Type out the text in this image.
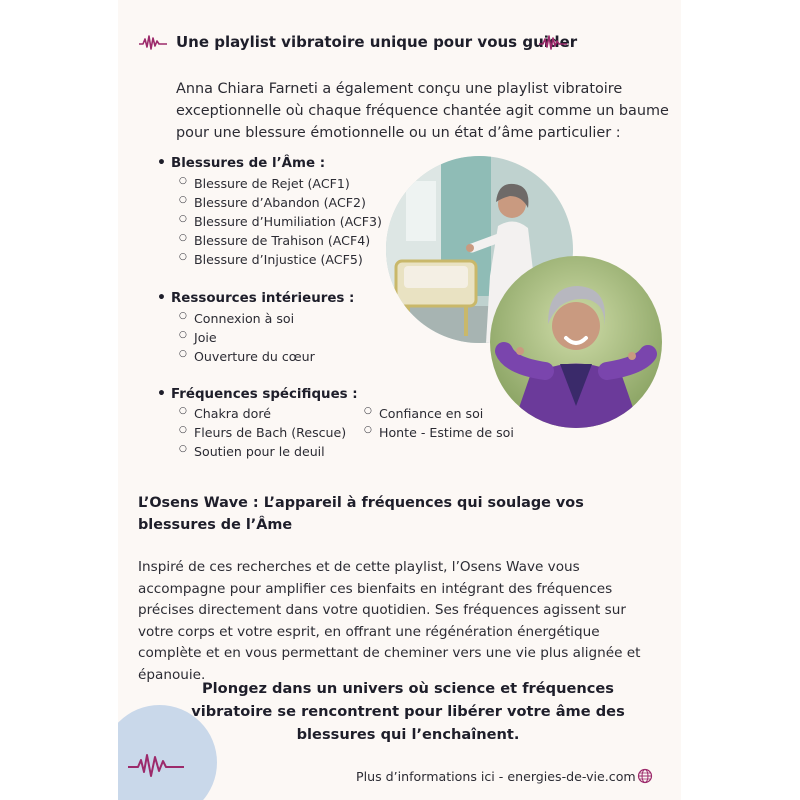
Une playlist vibratoire unique pour vous guider
Anna Chiara Farneti a également conçu une playlist vibratoire exceptionnelle où chaque fréquence chantée agit comme un baume pour une blessure émotionnelle ou un état d’âme particulier :
• Blessures de l’Âme :
○ Blessure de Rejet (ACF1)
○ Blessure d’Abandon (ACF2)
○ Blessure d’Humiliation (ACF3)
○ Blessure de Trahison (ACF4)
○ Blessure d’Injustice (ACF5)
• Ressources intérieures :
○ Connexion à soi
○ Joie
○ Ouverture du cœur
• Fréquences spécifiques :
○ Chakra doré
○ Fleurs de Bach (Rescue)
○ Soutien pour le deuil
○ Confiance en soi
○ Honte - Estime de soi
L’Osens Wave : L’appareil à fréquences qui soulage vos blessures de l’Âme
Inspiré de ces recherches et de cette playlist, l’Osens Wave vous accompagne pour amplifier ces bienfaits en intégrant des fréquences précises directement dans votre quotidien. Ses fréquences agissent sur votre corps et votre esprit, en offrant une régénération énergétique complète et en vous permettant de cheminer vers une vie plus alignée et épanouie.
Plongez dans un univers où science et fréquences vibratoire se rencontrent pour libérer votre âme des blessures qui l’enchaînent.
Plus d’informations ici - energies-de-vie.com
